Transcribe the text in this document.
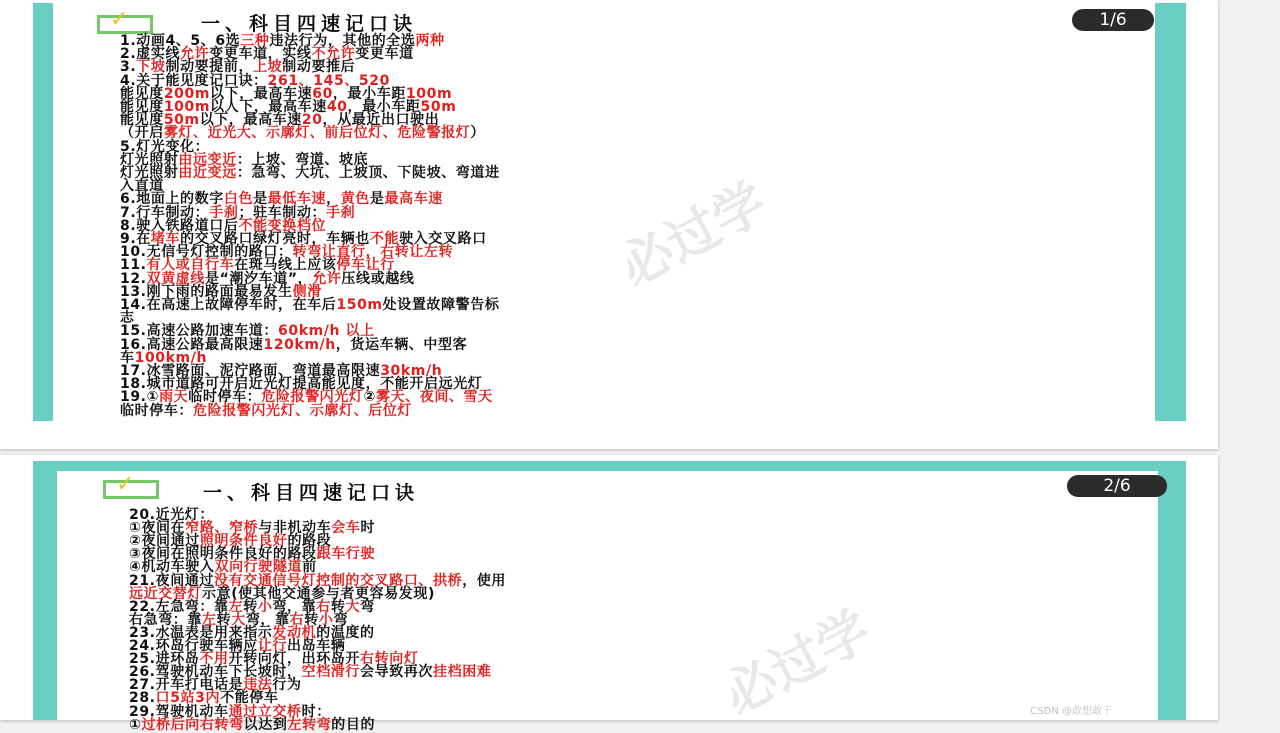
✓	一、科目四速记口诀	1/6
必过学
1.动画4、5、6选三种违法行为，其他的全选两种
2.虚实线允许变更车道，实线不允许变更车道
3.下坡制动要提前，上坡制动要推后
4.关于能见度记口诀：261、145、520
能见度200m以下，最高车速60，最小车距100m
能见度100m以人下，最高车速40，最小车距50m
能见度50m以下，最高车速20，从最近出口驶出
（开启雾灯、近光大、示廓灯、前后位灯、危险警报灯）
5.灯光变化：
灯光照射由远变近：上坡、弯道、坡底
灯光照射由近变远：急弯、大坑、上坡顶、下陡坡、弯道进
入直道
6.地面上的数字白色是最低车速，黄色是最高车速
7.行车制动：手刹；驻车制动：手刹
8.驶入铁路道口后不能变换档位
9.在堵车的交叉路口绿灯亮时，车辆也不能驶入交叉路口
10.无信号灯控制的路口：转弯让直行，右转让左转
11.有人或自行车在斑马线上应该停车让行
12.双黄虚线是“潮汐车道”，允许压线或越线
13.刚下雨的路面最易发生侧滑
14.在高速上故障停车时，在车后150m处设置故障警告标
志
15.高速公路加速车道：60km/h 以上
16.高速公路最高限速120km/h，货运车辆、中型客
车100km/h
17.冰雪路面、泥泞路面、弯道最高限速30km/h
18.城市道路可开启近光灯提高能见度，不能开启远光灯
19.①雨天临时停车：危险报警闪光灯②雾天、夜间、雪天
临时停车：危险报警闪光灯、示廓灯、后位灯
✓	一、科目四速记口诀	2/6
必过学
20.近光灯：
①夜间在窄路、窄桥与非机动车会车时
②夜间通过照明条件良好的路段
③夜间在照明条件良好的路段跟车行驶
④机动车驶入双向行驶隧道前
21.夜间通过没有交通信号灯控制的交叉路口、拱桥，使用
远近交替灯示意(使其他交通参与者更容易发现)
22.左急弯：靠左转小弯，靠右转大弯
右急弯：靠左转大弯，靠右转小弯
23.水温表是用来指示发动机的温度的
24.环岛行驶车辆应让行出岛车辆
25.进环岛不用开转向灯，出环岛开右转向灯
26.驾驶机动车下长坡时，空档滑行会导致再次挂档困难
27.开车打电话是违法行为
28.口5站3内不能停车
29.驾驶机动车通过立交桥时：
①过桥后向右转弯以达到左转弯的目的
CSDN @敢想敢干
